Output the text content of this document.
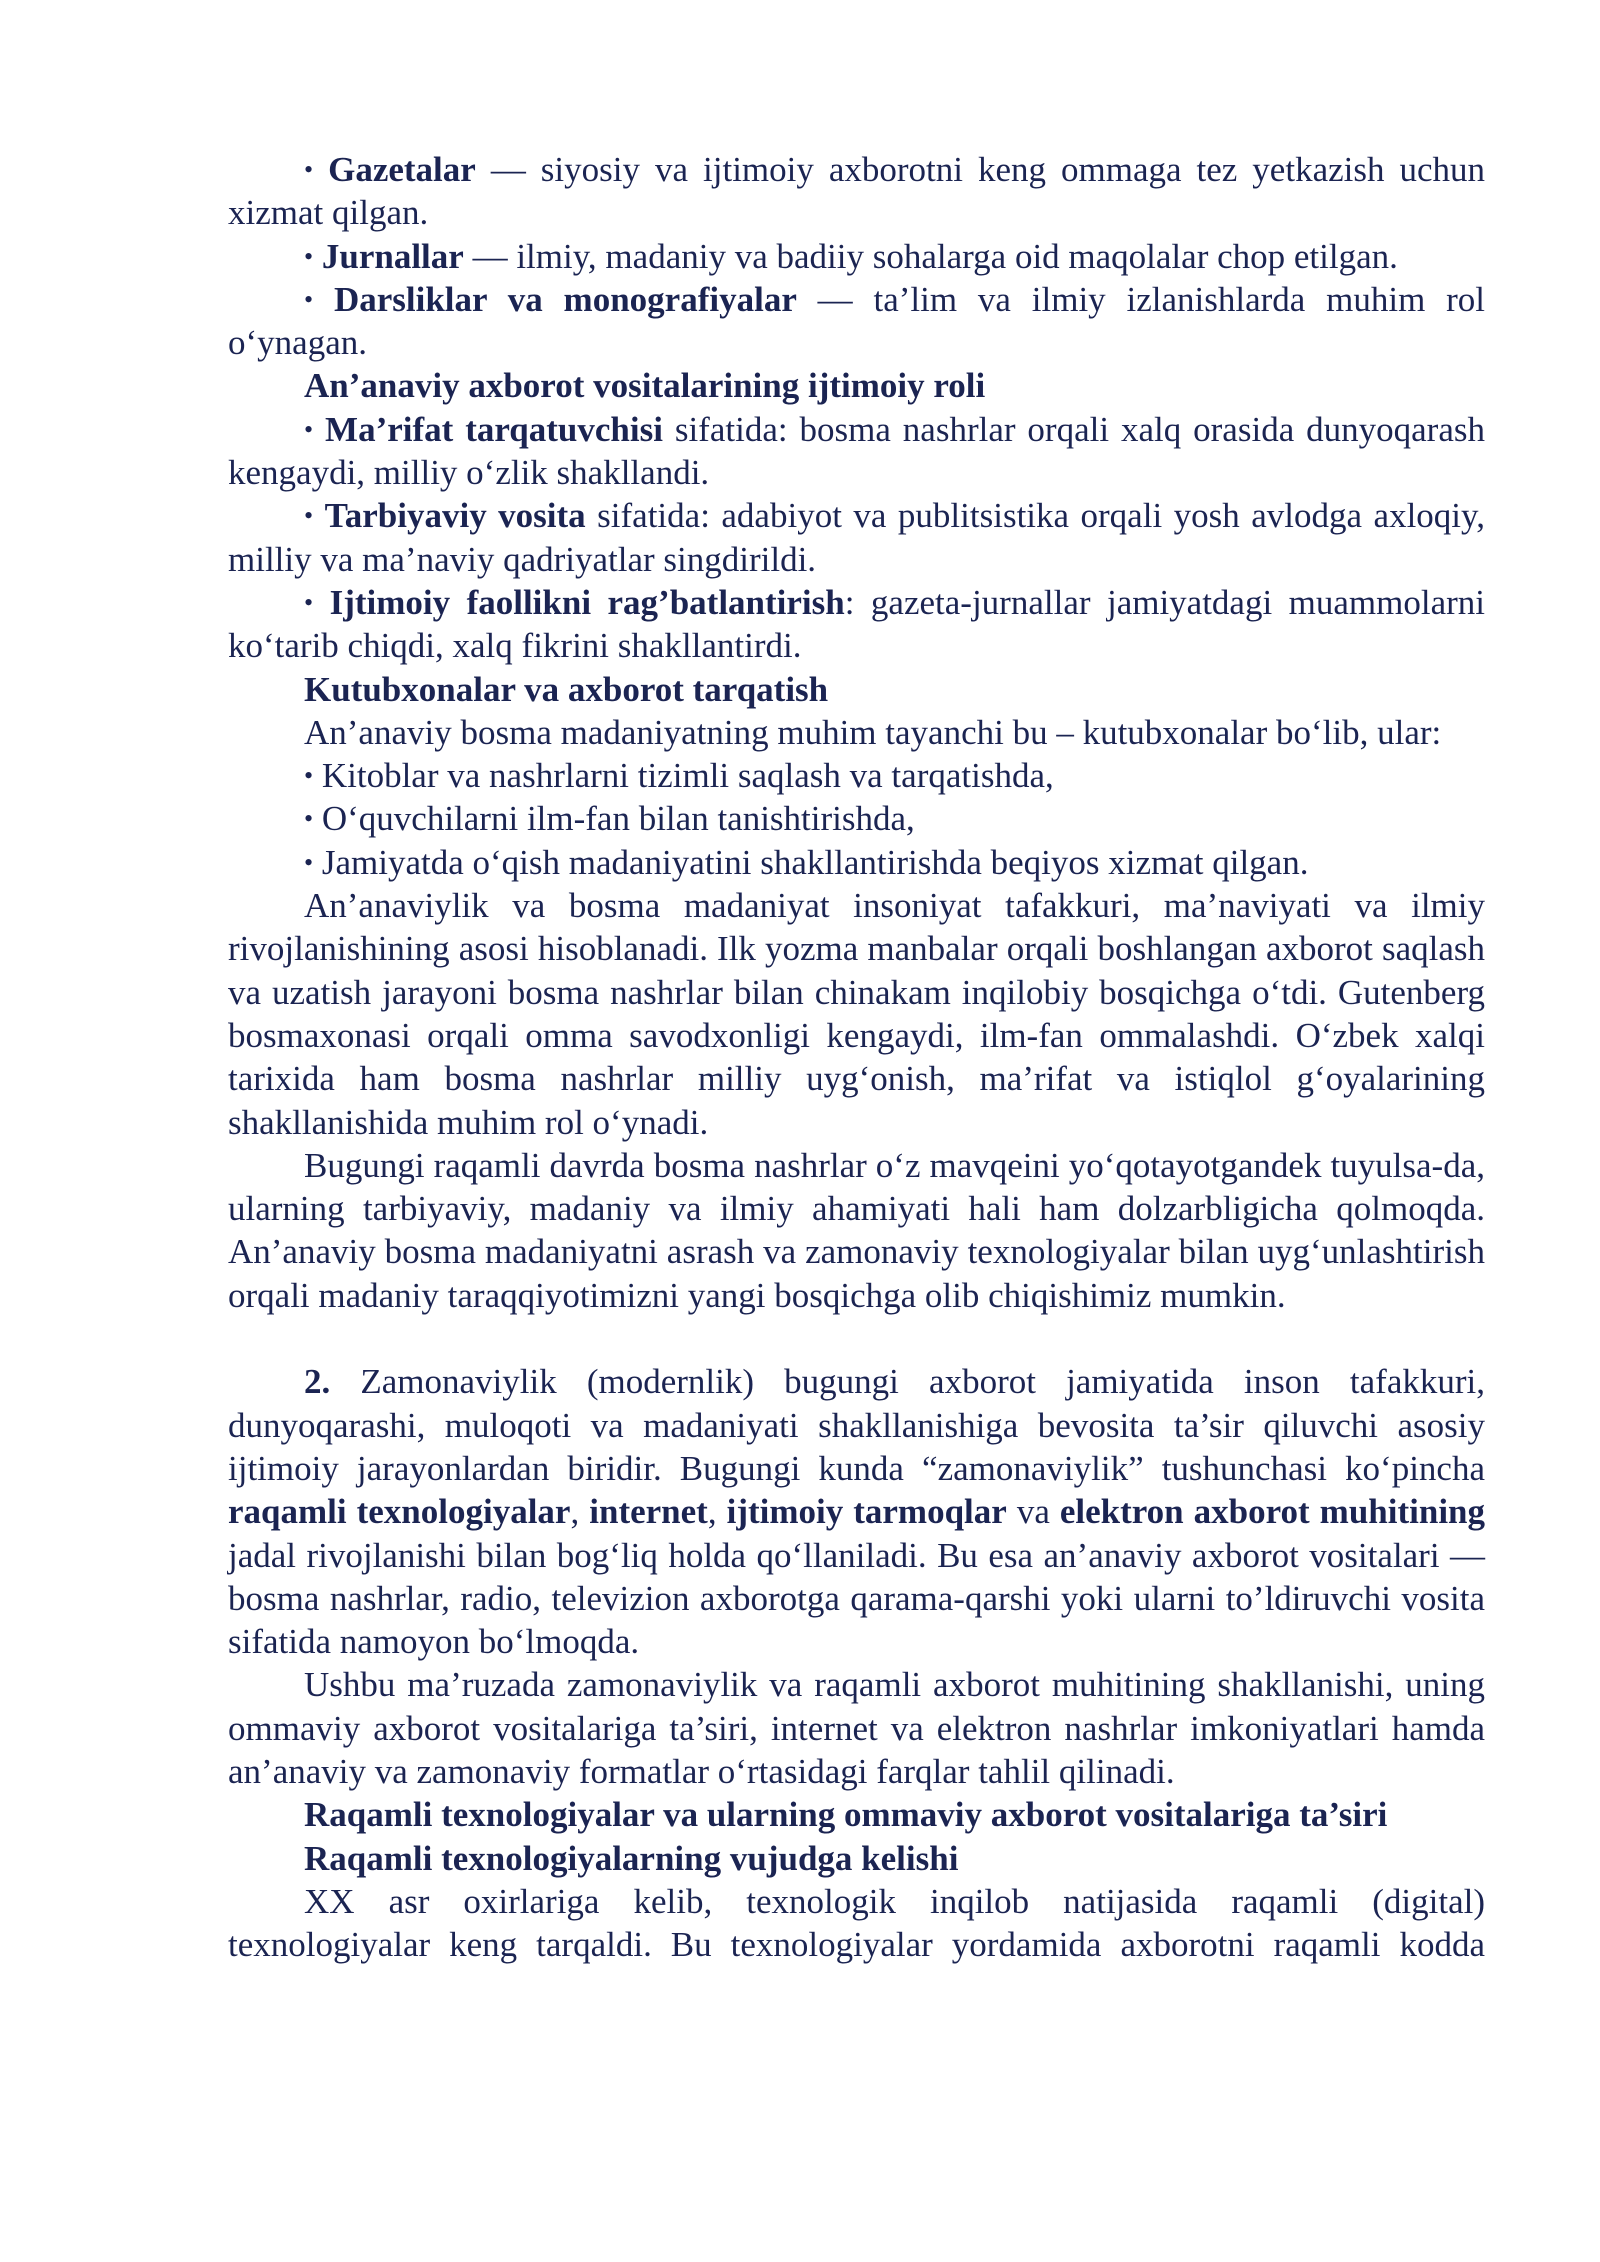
• Gazetalar — siyosiy va ijtimoiy axborotni keng ommaga tez yetkazish uchun xizmat qilgan.

• Jurnallar — ilmiy, madaniy va badiiy sohalarga oid maqolalar chop etilgan.

• Darsliklar va monografiyalar — ta’lim va ilmiy izlanishlarda muhim rol o‘ynagan.

An’anaviy axborot vositalarining ijtimoiy roli

• Ma’rifat tarqatuvchisi sifatida: bosma nashrlar orqali xalq orasida dunyoqarash kengaydi, milliy o‘zlik shakllandi.

• Tarbiyaviy vosita sifatida: adabiyot va publitsistika orqali yosh avlodga axloqiy, milliy va ma’naviy qadriyatlar singdirildi.

• Ijtimoiy faollikni rag’batlantirish: gazeta-jurnallar jamiyatdagi muammolarni ko‘tarib chiqdi, xalq fikrini shakllantirdi.

Kutubxonalar va axborot tarqatish

An’anaviy bosma madaniyatning muhim tayanchi bu – kutubxonalar bo‘lib, ular:

• Kitoblar va nashrlarni tizimli saqlash va tarqatishda,

• O‘quvchilarni ilm-fan bilan tanishtirishda,

• Jamiyatda o‘qish madaniyatini shakllantirishda beqiyos xizmat qilgan.

An’anaviylik va bosma madaniyat insoniyat tafakkuri, ma’naviyati va ilmiy rivojlanishining asosi hisoblanadi. Ilk yozma manbalar orqali boshlangan axborot saqlash va uzatish jarayoni bosma nashrlar bilan chinakam inqilobiy bosqichga o‘tdi. Gutenberg bosmaxonasi orqali omma savodxonligi kengaydi, ilm-fan ommalashdi. O‘zbek xalqi tarixida ham bosma nashrlar milliy uyg‘onish, ma’rifat va istiqlol g‘oyalarining shakllanishida muhim rol o‘ynadi.

Bugungi raqamli davrda bosma nashrlar o‘z mavqeini yo‘qotayotgandek tuyulsa-da, ularning tarbiyaviy, madaniy va ilmiy ahamiyati hali ham dolzarbligicha qolmoqda. An’anaviy bosma madaniyatni asrash va zamonaviy texnologiyalar bilan uyg‘unlashtirish orqali madaniy taraqqiyotimizni yangi bosqichga olib chiqishimiz mumkin.

2. Zamonaviylik (modernlik) bugungi axborot jamiyatida inson tafakkuri, dunyoqarashi, muloqoti va madaniyati shakllanishiga bevosita ta’sir qiluvchi asosiy ijtimoiy jarayonlardan biridir. Bugungi kunda “zamonaviylik” tushunchasi ko‘pincha raqamli texnologiyalar, internet, ijtimoiy tarmoqlar va elektron axborot muhitining jadal rivojlanishi bilan bog‘liq holda qo‘llaniladi. Bu esa an’anaviy axborot vositalari — bosma nashrlar, radio, televizion axborotga qarama-qarshi yoki ularni to’ldiruvchi vosita sifatida namoyon bo‘lmoqda.

Ushbu ma’ruzada zamonaviylik va raqamli axborot muhitining shakllanishi, uning ommaviy axborot vositalariga ta’siri, internet va elektron nashrlar imkoniyatlari hamda an’anaviy va zamonaviy formatlar o‘rtasidagi farqlar tahlil qilinadi.

Raqamli texnologiyalar va ularning ommaviy axborot vositalariga ta’siri

Raqamli texnologiyalarning vujudga kelishi

XX asr oxirlariga kelib, texnologik inqilob natijasida raqamli (digital) texnologiyalar keng tarqaldi. Bu texnologiyalar yordamida axborotni raqamli kodda
